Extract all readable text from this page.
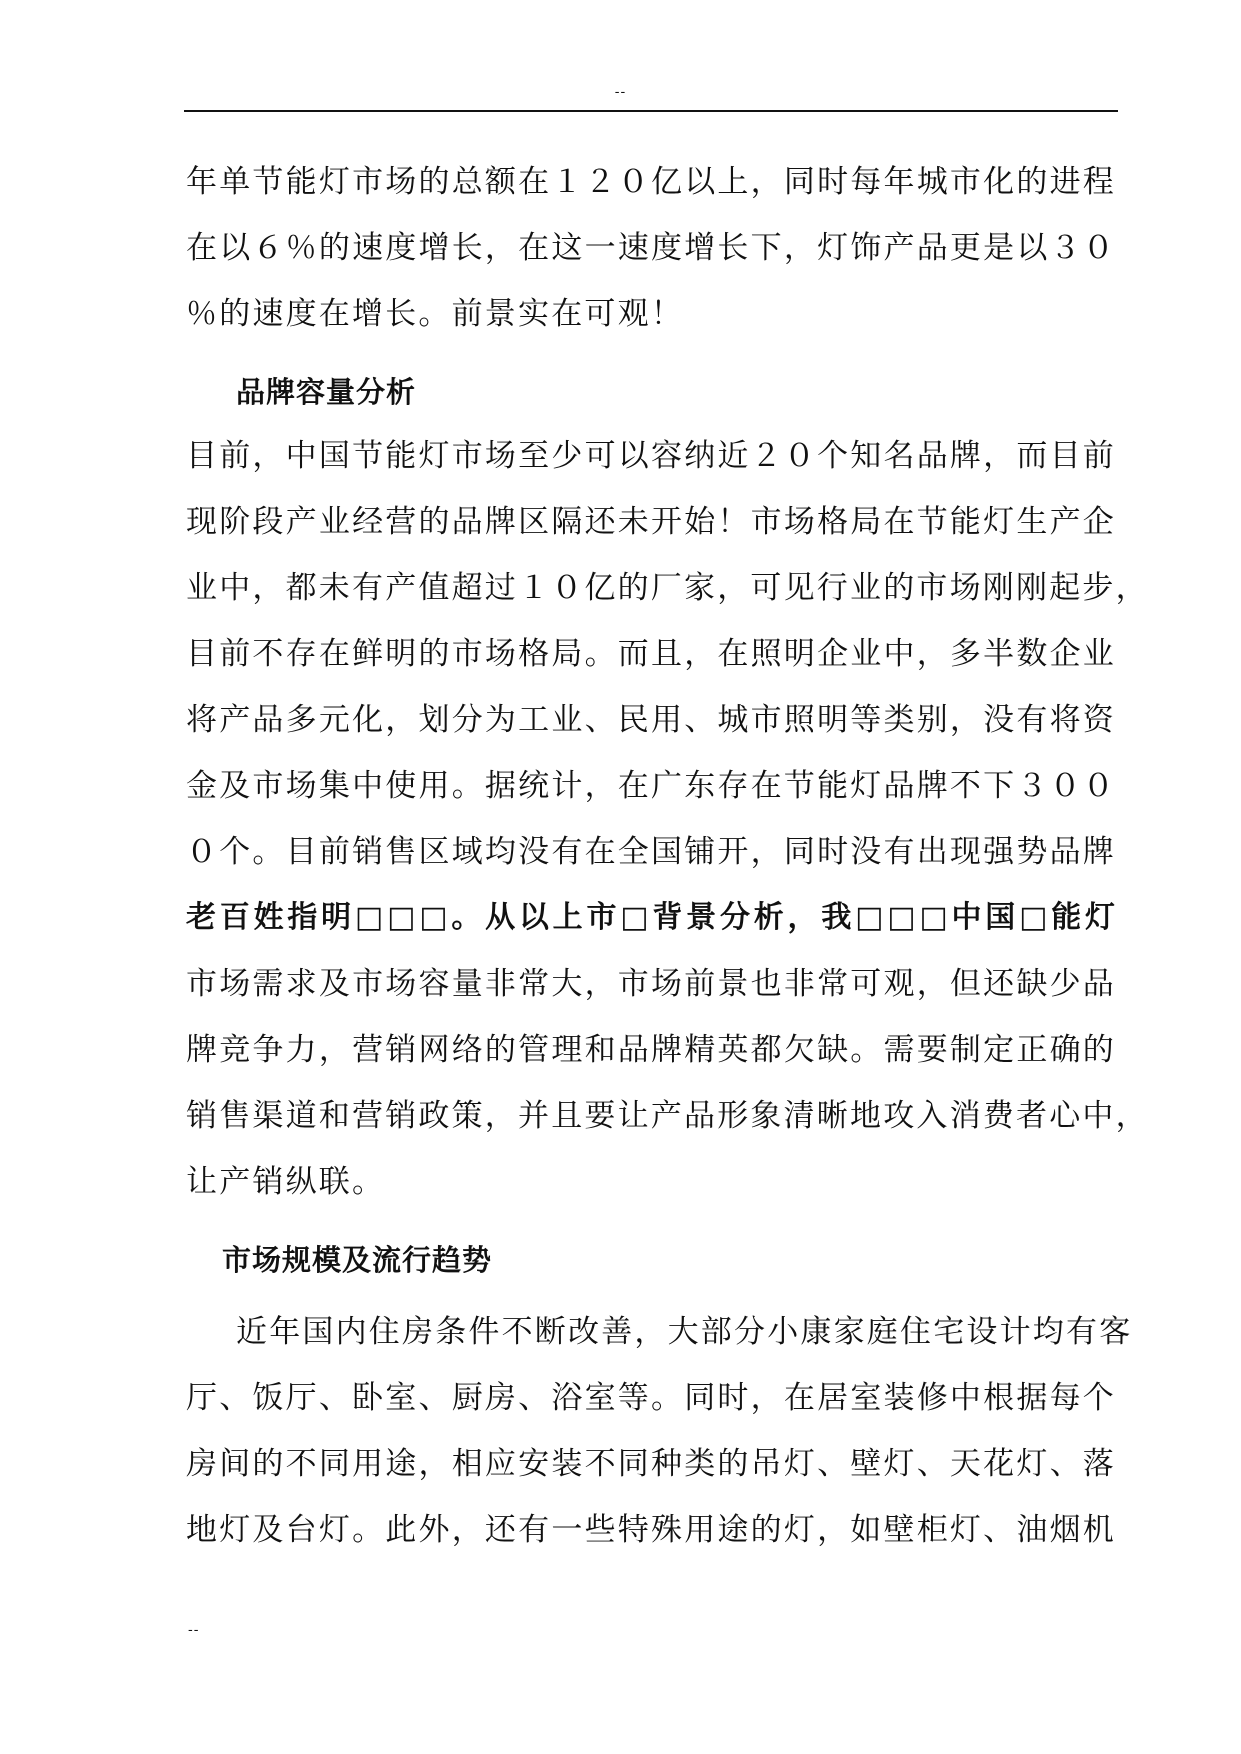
--
年单节能灯市场的总额在１２０亿以上，同时每年城市化的进程
在以６％的速度增长，在这一速度增长下，灯饰产品更是以３０
％的速度在增长。前景实在可观！
品牌容量分析
目前，中国节能灯市场至少可以容纳近２０个知名品牌，而目前
现阶段产业经营的品牌区隔还未开始！市场格局在节能灯生产企
业中，都未有产值超过１０亿的厂家，可见行业的市场刚刚起步，
目前不存在鲜明的市场格局。而且，在照明企业中，多半数企业
将产品多元化，划分为工业、民用、城市照明等类别，没有将资
金及市场集中使用。据统计，在广东存在节能灯品牌不下３００
０个。目前销售区域均没有在全国铺开，同时没有出现强势品牌
老百姓指明□□□。从以上市□背景分析，我□□□中国□能灯
市场需求及市场容量非常大，市场前景也非常可观，但还缺少品
牌竞争力，营销网络的管理和品牌精英都欠缺。需要制定正确的
销售渠道和营销政策，并且要让产品形象清晰地攻入消费者心中，
让产销纵联。
市场规模及流行趋势
近年国内住房条件不断改善，大部分小康家庭住宅设计均有客
厅、饭厅、卧室、厨房、浴室等。同时，在居室装修中根据每个
房间的不同用途，相应安装不同种类的吊灯、壁灯、天花灯、落
地灯及台灯。此外，还有一些特殊用途的灯，如壁柜灯、油烟机
--
